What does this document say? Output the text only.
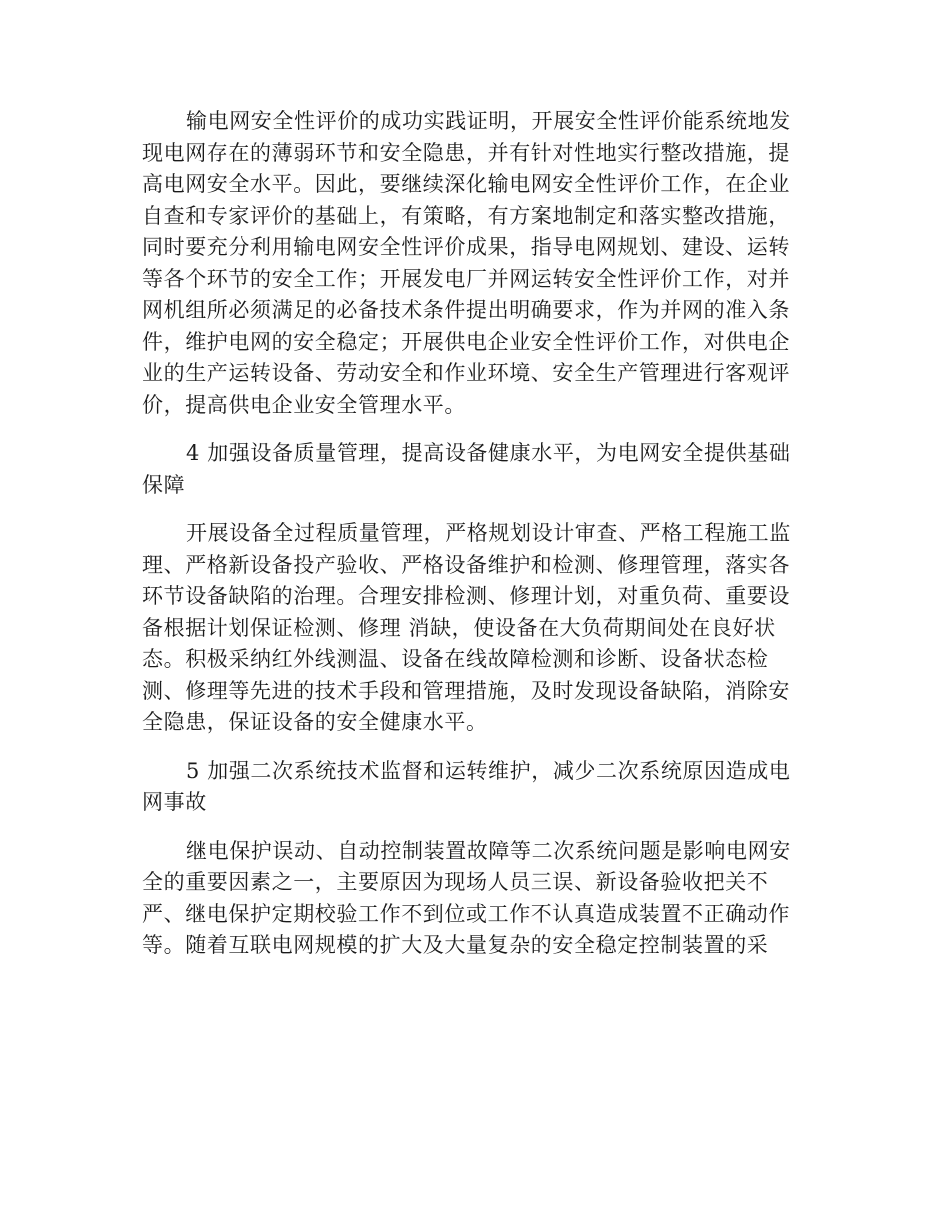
输电网安全性评价的成功实践证明，开展安全性评价能系统地发
现电网存在的薄弱环节和安全隐患，并有针对性地实行整改措施，提
高电网安全水平。因此，要继续深化输电网安全性评价工作，在企业
自查和专家评价的基础上，有策略，有方案地制定和落实整改措施，
同时要充分利用输电网安全性评价成果，指导电网规划、建设、运转
等各个环节的安全工作；开展发电厂并网运转安全性评价工作，对并
网机组所必须满足的必备技术条件提出明确要求，作为并网的准入条
件，维护电网的安全稳定；开展供电企业安全性评价工作，对供电企
业的生产运转设备、劳动安全和作业环境、安全生产管理进行客观评
价，提高供电企业安全管理水平。
4 加强设备质量管理，提高设备健康水平，为电网安全提供基础
保障
开展设备全过程质量管理，严格规划设计审查、严格工程施工监
理、严格新设备投产验收、严格设备维护和检测、修理管理，落实各
环节设备缺陷的治理。合理安排检测、修理计划，对重负荷、重要设
备根据计划保证检测、修理 消缺，使设备在大负荷期间处在良好状
态。积极采纳红外线测温、设备在线故障检测和诊断、设备状态检
测、修理等先进的技术手段和管理措施，及时发现设备缺陷，消除安
全隐患，保证设备的安全健康水平。
5 加强二次系统技术监督和运转维护，减少二次系统原因造成电
网事故
继电保护误动、自动控制装置故障等二次系统问题是影响电网安
全的重要因素之一，主要原因为现场人员三误、新设备验收把关不
严、继电保护定期校验工作不到位或工作不认真造成装置不正确动作
等。随着互联电网规模的扩大及大量复杂的安全稳定控制装置的采
